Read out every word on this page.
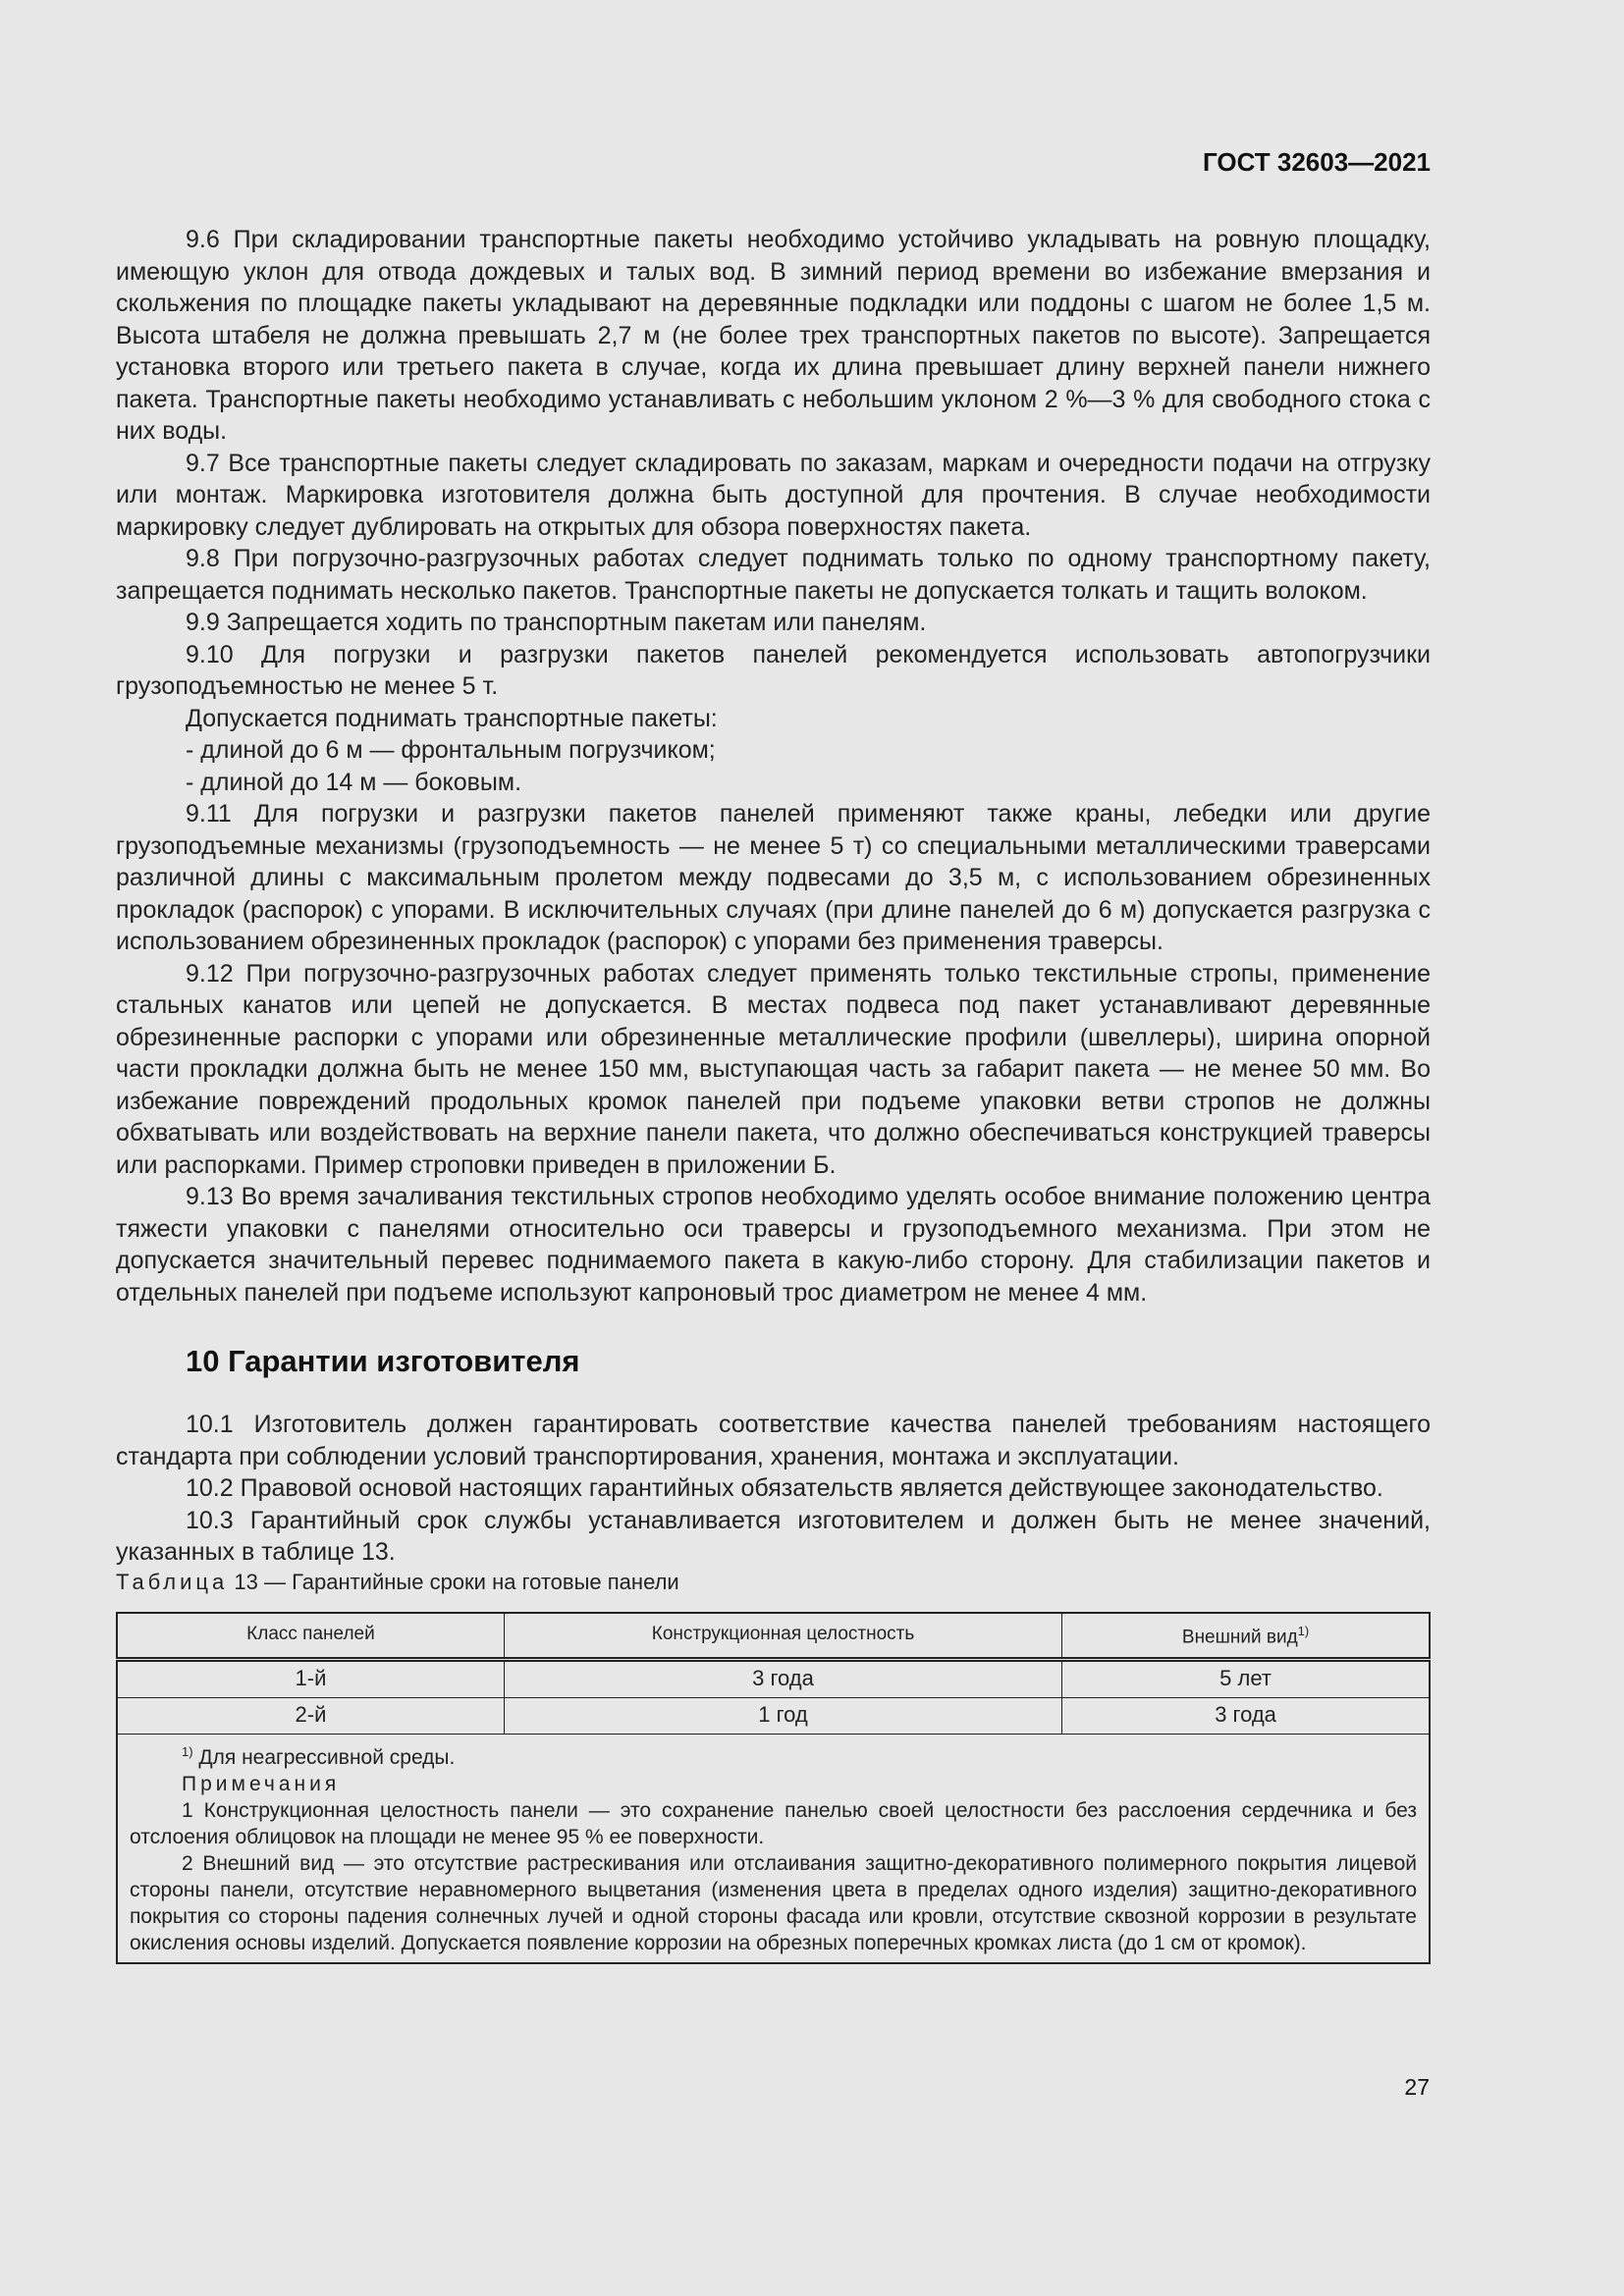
ГОСТ 32603—2021

9.6 При складировании транспортные пакеты необходимо устойчиво укладывать на ровную площадку, имеющую уклон для отвода дождевых и талых вод. В зимний период времени во избежание вмерзания и скольжения по площадке пакеты укладывают на деревянные подкладки или поддоны с шагом не более 1,5 м. Высота штабеля не должна превышать 2,7 м (не более трех транспортных пакетов по высоте). Запрещается установка второго или третьего пакета в случае, когда их длина превышает длину верхней панели нижнего пакета. Транспортные пакеты необходимо устанавливать с небольшим уклоном 2 %—3 % для свободного стока с них воды.

9.7 Все транспортные пакеты следует складировать по заказам, маркам и очередности подачи на отгрузку или монтаж. Маркировка изготовителя должна быть доступной для прочтения. В случае необходимости маркировку следует дублировать на открытых для обзора поверхностях пакета.

9.8 При погрузочно-разгрузочных работах следует поднимать только по одному транспортному пакету, запрещается поднимать несколько пакетов. Транспортные пакеты не допускается толкать и тащить волоком.

9.9 Запрещается ходить по транспортным пакетам или панелям.

9.10 Для погрузки и разгрузки пакетов панелей рекомендуется использовать автопогрузчики грузоподъемностью не менее 5 т.

Допускается поднимать транспортные пакеты:

- длиной до 6 м — фронтальным погрузчиком;

- длиной до 14 м — боковым.

9.11 Для погрузки и разгрузки пакетов панелей применяют также краны, лебедки или другие грузоподъемные механизмы (грузоподъемность — не менее 5 т) со специальными металлическими траверсами различной длины с максимальным пролетом между подвесами до 3,5 м, с использованием обрезиненных прокладок (распорок) с упорами. В исключительных случаях (при длине панелей до 6 м) допускается разгрузка с использованием обрезиненных прокладок (распорок) с упорами без применения траверсы.

9.12 При погрузочно-разгрузочных работах следует применять только текстильные стропы, применение стальных канатов или цепей не допускается. В местах подвеса под пакет устанавливают деревянные обрезиненные распорки с упорами или обрезиненные металлические профили (швеллеры), ширина опорной части прокладки должна быть не менее 150 мм, выступающая часть за габарит пакета — не менее 50 мм. Во избежание повреждений продольных кромок панелей при подъеме упаковки ветви стропов не должны обхватывать или воздействовать на верхние панели пакета, что должно обеспечиваться конструкцией траверсы или распорками. Пример строповки приведен в приложении Б.

9.13 Во время зачаливания текстильных стропов необходимо уделять особое внимание положению центра тяжести упаковки с панелями относительно оси траверсы и грузоподъемного механизма. При этом не допускается значительный перевес поднимаемого пакета в какую-либо сторону. Для стабилизации пакетов и отдельных панелей при подъеме используют капроновый трос диаметром не менее 4 мм.

10 Гарантии изготовителя

10.1 Изготовитель должен гарантировать соответствие качества панелей требованиям настоящего стандарта при соблюдении условий транспортирования, хранения, монтажа и эксплуатации.

10.2 Правовой основой настоящих гарантийных обязательств является действующее законодательство.

10.3 Гарантийный срок службы устанавливается изготовителем и должен быть не менее значений, указанных в таблице 13.

Таблица 13 — Гарантийные сроки на готовые панели

Класс панелей	Конструкционная целостность	Внешний вид$^{1)}$
1-й	3 года	5 лет
2-й	1 год	3 года

$^{1)}$ Для неагрессивной среды.
Примечания
1 Конструкционная целостность панели — это сохранение панелью своей целостности без расслоения сердечника и без отслоения облицовок на площади не менее 95 % ее поверхности.
2 Внешний вид — это отсутствие растрескивания или отслаивания защитно-декоративного полимерного покрытия лицевой стороны панели, отсутствие неравномерного выцветания (изменения цвета в пределах одного изделия) защитно-декоративного покрытия со стороны падения солнечных лучей и одной стороны фасада или кровли, отсутствие сквозной коррозии в результате окисления основы изделий. Допускается появление коррозии на обрезных поперечных кромках листа (до 1 см от кромок).		
27
